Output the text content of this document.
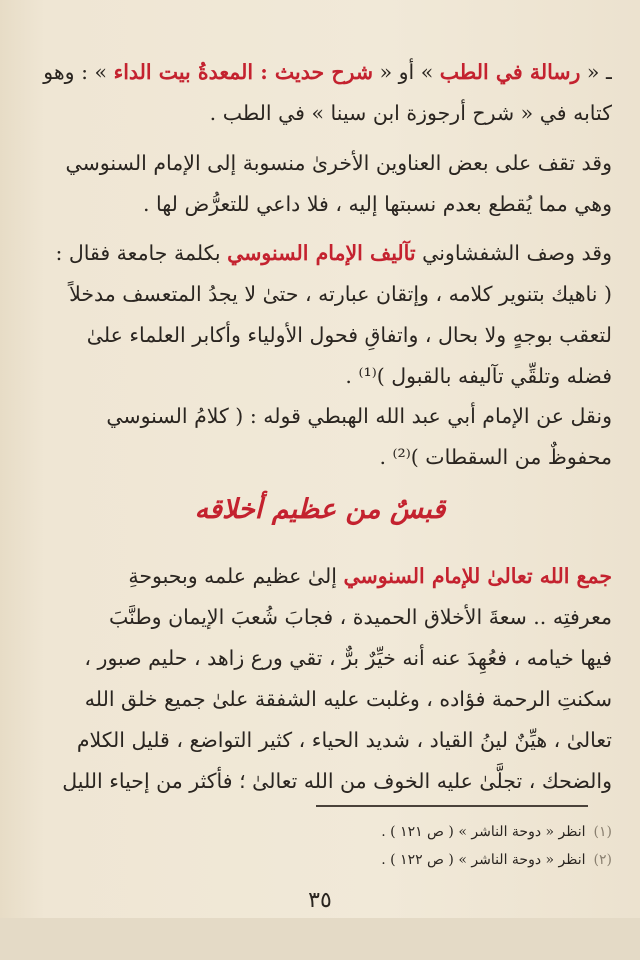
ـ « رسالة في الطب » أو « شرح حديث : المعدةُ بيت الداء » : وهو
كتابه في « شرح أرجوزة ابن سينا » في الطب .
وقد تقف على بعض العناوين الأخرىٰ منسوبة إلى الإمام السنوسي
وهي مما يُقطع بعدم نسبتها إليه ، فلا داعي للتعرُّض لها .
وقد وصف الشفشاوني تآليف الإمام السنوسي بكلمة جامعة فقال :
( ناهيك بتنوير كلامه ، وإتقان عبارته ، حتىٰ لا يجدُ المتعسف مدخلاً
لتعقب بوجهٍ ولا بحال ، واتفاقِ فحول الأولياء وأكابر العلماء علىٰ
فضله وتلقِّي تآليفه بالقبول )⁽¹⁾ .
ونقل عن الإمام أبي عبد الله الهبطي قوله : ( كلامُ السنوسي
محفوظٌ من السقطات )⁽²⁾ .
قبسٌ من عظيم أخلاقه
جمع الله تعالىٰ للإمام السنوسي إلىٰ عظيم علمه وبحبوحةِ
معرفتِه .. سعةَ الأخلاق الحميدة ، فجابَ شُعبَ الإيمان وطنَّبَ
فيها خيامه ، فعُهِدَ عنه أنه خيِّرٌ برٌّ ، تقي ورع زاهد ، حليم صبور ،
سكنتِ الرحمة فؤاده ، وغلبت عليه الشفقة علىٰ جميع خلق الله
تعالىٰ ، هيِّنٌ لينُ القياد ، شديد الحياء ، كثير التواضع ، قليل الكلام
والضحك ، تجلَّىٰ عليه الخوف من الله تعالىٰ ؛ فأكثر من إحياء الليل
(١)انظر « دوحة الناشر » ( ص ١٢١ ) .
(٢)انظر « دوحة الناشر » ( ص ١٢٢ ) .
٣٥
